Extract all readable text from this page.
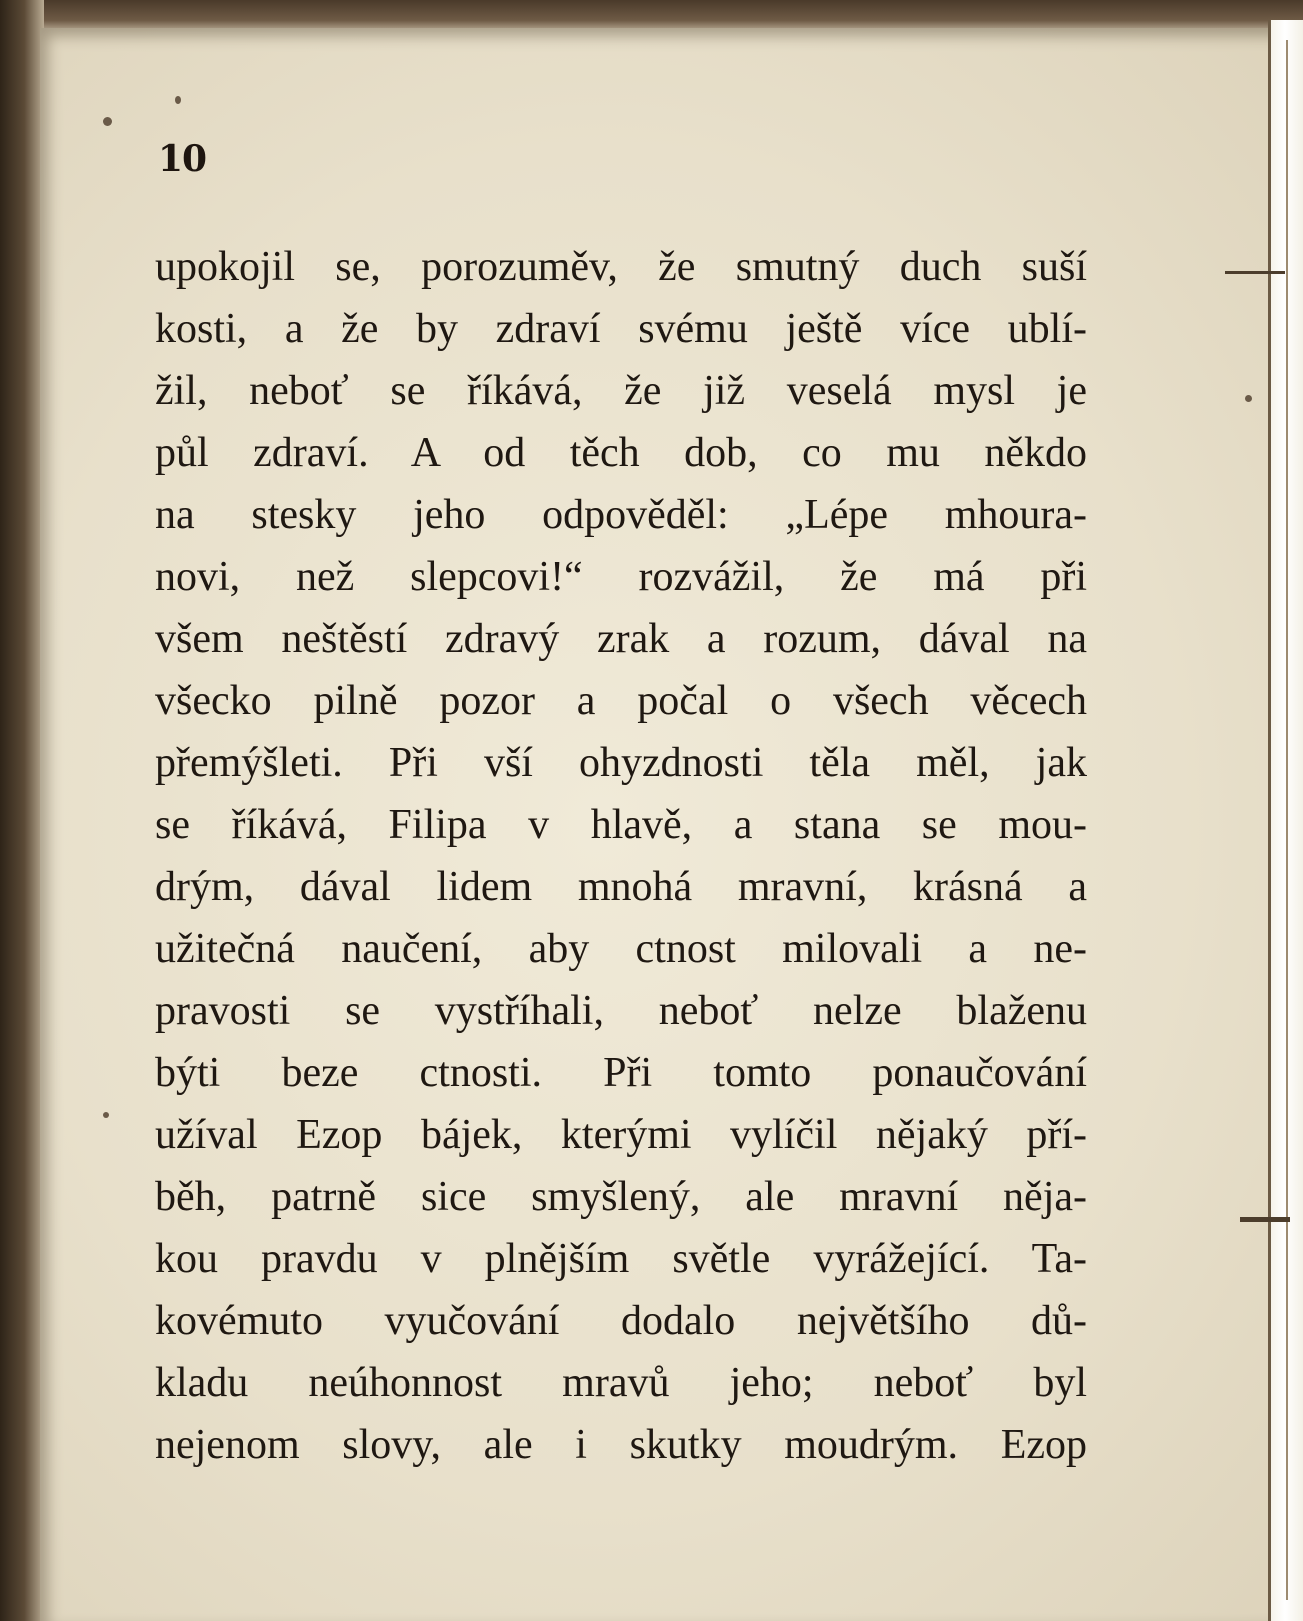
10
upokojil se, porozuměv, že smutný duch suší
kosti, a že by zdraví svému ještě více ublí-
žil, neboť se říkává, že již veselá mysl je
půl zdraví. A od těch dob, co mu někdo
na stesky jeho odpověděl: „Lépe mhoura-
novi, než slepcovi!“ rozvážil, že má při
všem neštěstí zdravý zrak a rozum, dával na
všecko pilně pozor a počal o všech věcech
přemýšleti. Při vší ohyzdnosti těla měl, jak
se říkává, Filipa v hlavě, a stana se mou-
drým, dával lidem mnohá mravní, krásná a
užitečná naučení, aby ctnost milovali a ne-
pravosti se vystříhali, neboť nelze blaženu
býti beze ctnosti. Při tomto ponaučování
užíval Ezop bájek, kterými vylíčil nějaký pří-
běh, patrně sice smyšlený, ale mravní něja-
kou pravdu v plnějším světle vyrážející. Ta-
kovémuto vyučování dodalo největšího dů-
kladu neúhonnost mravů jeho; neboť byl
nejenom slovy, ale i skutky moudrým. Ezop
